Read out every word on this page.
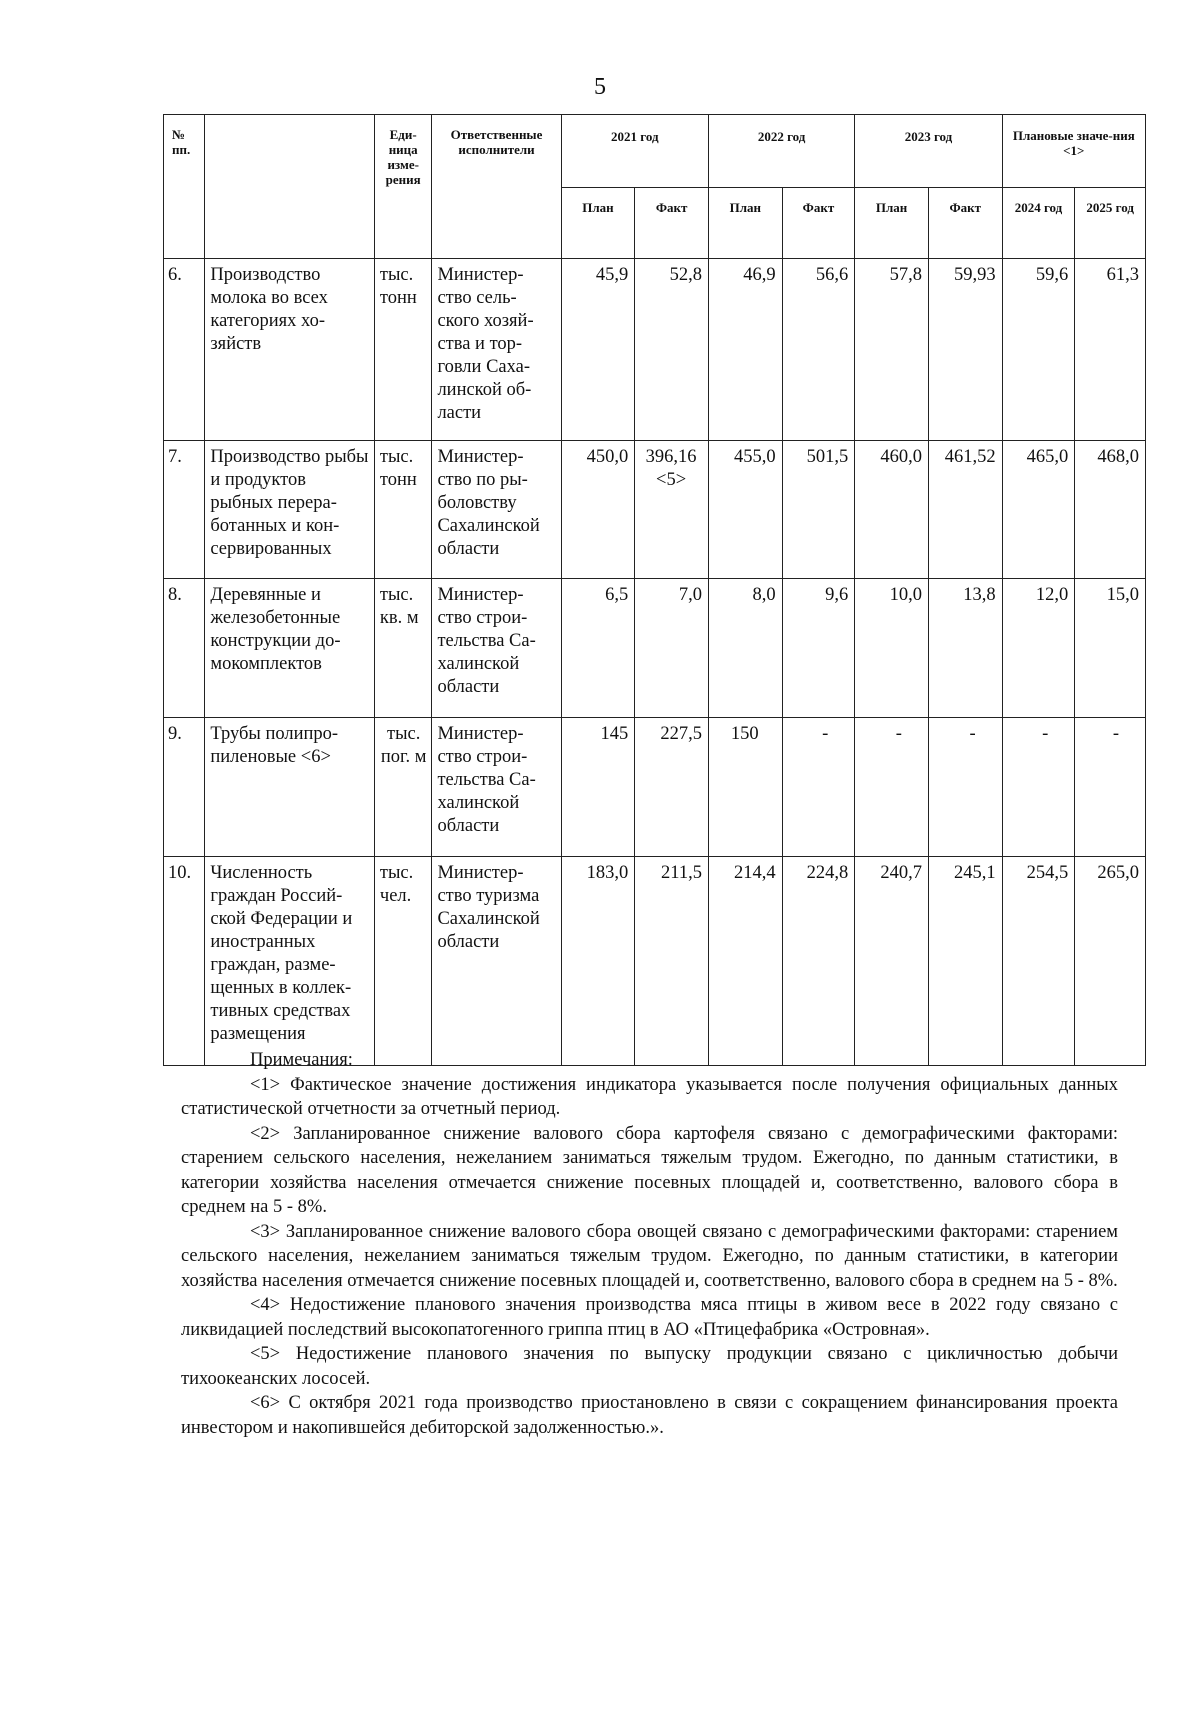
5
№ пп.		Еди-ница изме-рения	Ответственные исполнители	2021 год		2022 год		2023 год		Плановые значе-ния <1>	
				План	Факт	План	Факт	План	Факт	2024 год	2025 год
6.	Производство молока во всех категориях хо-зяйств	тыс. тонн	Министер-ство сель-ского хозяй-ства и тор-говли Саха-линской об-ласти	45,9	52,8	46,9	56,6	57,8	59,93	59,6	61,3
7.	Производство рыбы и продуктов рыбных перера-ботанных и кон-сервированных	тыс. тонн	Министер-ство по ры-боловству Сахалинской области	450,0	396,16 <5>	455,0	501,5	460,0	461,52	465,0	468,0
8.	Деревянные и железобетонные конструкции до-мокомплектов	тыс. кв. м	Министер-ство строи-тельства Са-халинской области	6,5	7,0	8,0	9,6	10,0	13,8	12,0	15,0
9.	Трубы полипро-пиленовые <6>	тыс. пог. м	Министер-ство строи-тельства Са-халинской области	145	227,5	150	-	-	-	-	-
10.	Численность граждан Россий-ской Федерации и иностранных граждан, разме-щенных в коллек-тивных средствах размещения	тыс. чел.	Министер-ство туризма Сахалинской области	183,0	211,5	214,4	224,8	240,7	245,1	254,5	265,0

Примечания:

<1> Фактическое значение достижения индикатора указывается после получения официальных данных статистической отчетности за отчетный период.

<2> Запланированное снижение валового сбора картофеля связано с демографическими факторами: старением сельского населения, нежеланием заниматься тяжелым трудом. Ежегодно, по данным статистики, в категории хозяйства населения отмечается снижение посевных площадей и, соответственно, валового сбора в среднем на 5 - 8%.

<3> Запланированное снижение валового сбора овощей связано с демографическими факторами: старением сельского населения, нежеланием заниматься тяжелым трудом. Ежегодно, по данным статистики, в категории хозяйства населения отмечается снижение посевных площадей и, соответственно, валового сбора в среднем на 5 - 8%.

<4> Недостижение планового значения производства мяса птицы в живом весе в 2022 году связано с ликвидацией последствий высокопатогенного гриппа птиц в АО «Птицефабрика «Островная».

<5> Недостижение планового значения по выпуску продукции связано с цикличностью добычи тихоокеанских лососей.

<6> С октября 2021 года производство приостановлено в связи с сокращением финансирования проекта инвестором и накопившейся дебиторской задолженностью.».
